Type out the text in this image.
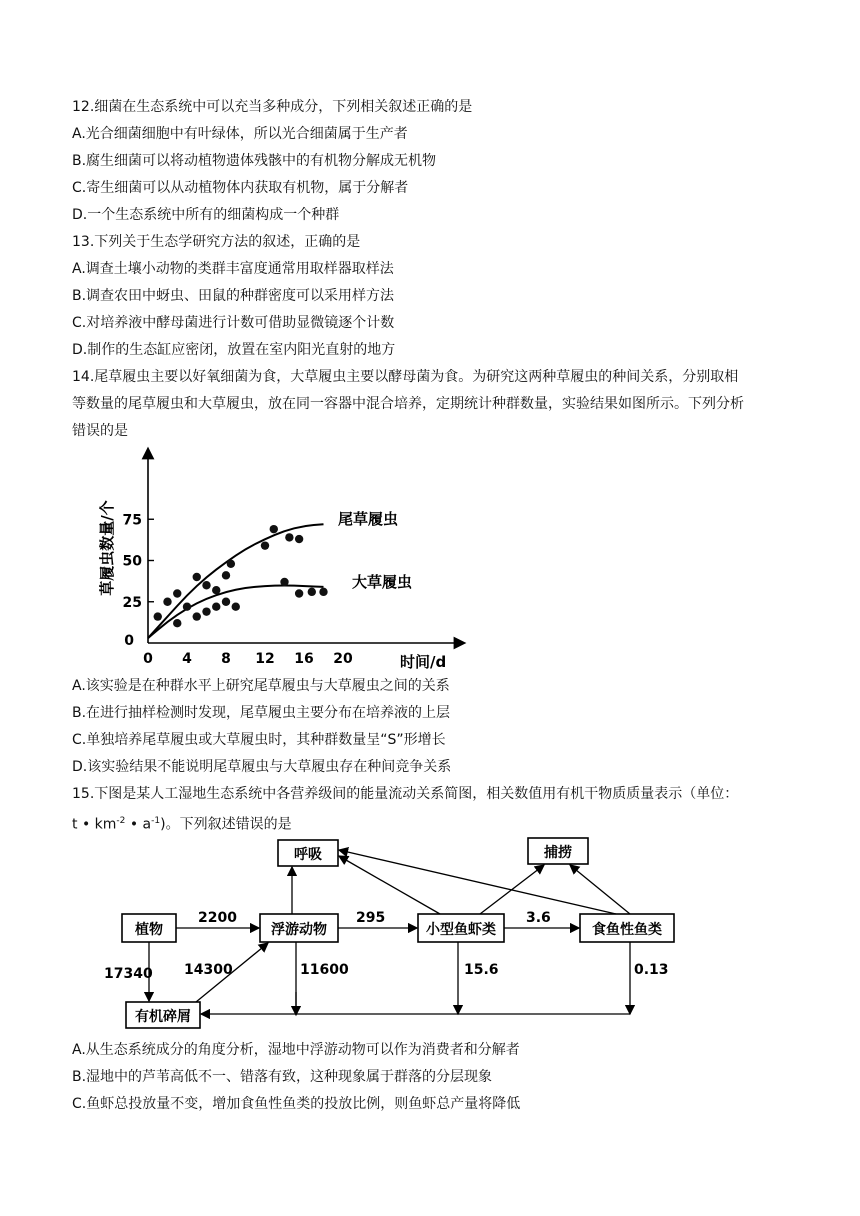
12.细菌在生态系统中可以充当多种成分，下列相关叙述正确的是
A.光合细菌细胞中有叶绿体，所以光合细菌属于生产者
B.腐生细菌可以将动植物遗体残骸中的有机物分解成无机物
C.寄生细菌可以从动植物体内获取有机物，属于分解者
D.一个生态系统中所有的细菌构成一个种群
13.下列关于生态学研究方法的叙述，正确的是
A.调查土壤小动物的类群丰富度通常用取样器取样法
B.调查农田中蚜虫、田鼠的种群密度可以采用样方法
C.对培养液中酵母菌进行计数可借助显微镜逐个计数
D.制作的生态缸应密闭，放置在室内阳光直射的地方
14.尾草履虫主要以好氧细菌为食，大草履虫主要以酵母菌为食。为研究这两种草履虫的种间关系，分别取相
等数量的尾草履虫和大草履虫，放在同一容器中混合培养，定期统计种群数量，实验结果如图所示。下列分析
错误的是
草履虫数量/个
时间/d
0 4 8 12 16 20
0
25
50
75	尾草履虫
大草履虫
A.该实验是在种群水平上研究尾草履虫与大草履虫之间的关系
B.在进行抽样检测时发现，尾草履虫主要分布在培养液的上层
C.单独培养尾草履虫或大草履虫时，其种群数量呈“S”形增长
D.该实验结果不能说明尾草履虫与大草履虫存在种间竞争关系
15.下图是某人工湿地生态系统中各营养级间的能量流动关系简图，相关数值用有机干物质质量表示（单位：
t • $km^{-2}$ • $a^{-1}$)。下列叙述错误的是
呼吸	捕捞
植物	浮游动物	小型鱼虾类	食鱼性鱼类
有机碎屑
2200	295	3.6
17340 14300	11600	15.6	0.13
A.从生态系统成分的角度分析，湿地中浮游动物可以作为消费者和分解者
B.湿地中的芦苇高低不一、错落有致，这种现象属于群落的分层现象
C.鱼虾总投放量不变，增加食鱼性鱼类的投放比例，则鱼虾总产量将降低
